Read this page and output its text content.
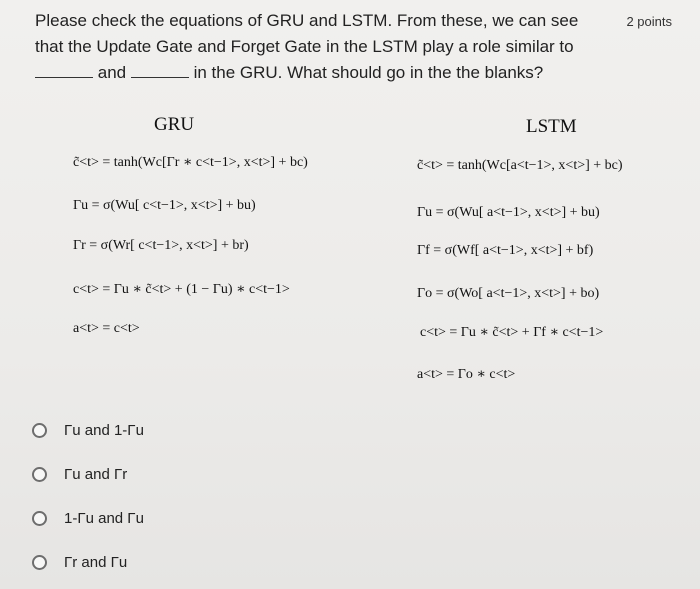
Please check the equations of GRU and LSTM. From these, we can see
that the Update Gate and Forget Gate in the LSTM play a role similar to
and	in the GRU. What should go in the the blanks?
2 points
GRU	LSTM
c̃<t> = tanh(Wc[Γr ∗ c<t−1>, x<t>] + bc)
Γu = σ(Wu[ c<t−1>, x<t>] + bu)
Γr = σ(Wr[ c<t−1>, x<t>] + br)
c<t> = Γu ∗ c̃<t> + (1 − Γu) ∗ c<t−1>
a<t> = c<t>
c̃<t> = tanh(Wc[a<t−1>, x<t>] + bc)
Γu = σ(Wu[ a<t−1>, x<t>] + bu)
Γf = σ(Wf[ a<t−1>, x<t>] + bf)
Γo = σ(Wo[ a<t−1>, x<t>] + bo)
c<t> = Γu ∗ c̃<t> + Γf ∗ c<t−1>
a<t> = Γo ∗ c<t>
Γu and 1-Γu
Γu and Γr
1-Γu and Γu
Γr and Γu
